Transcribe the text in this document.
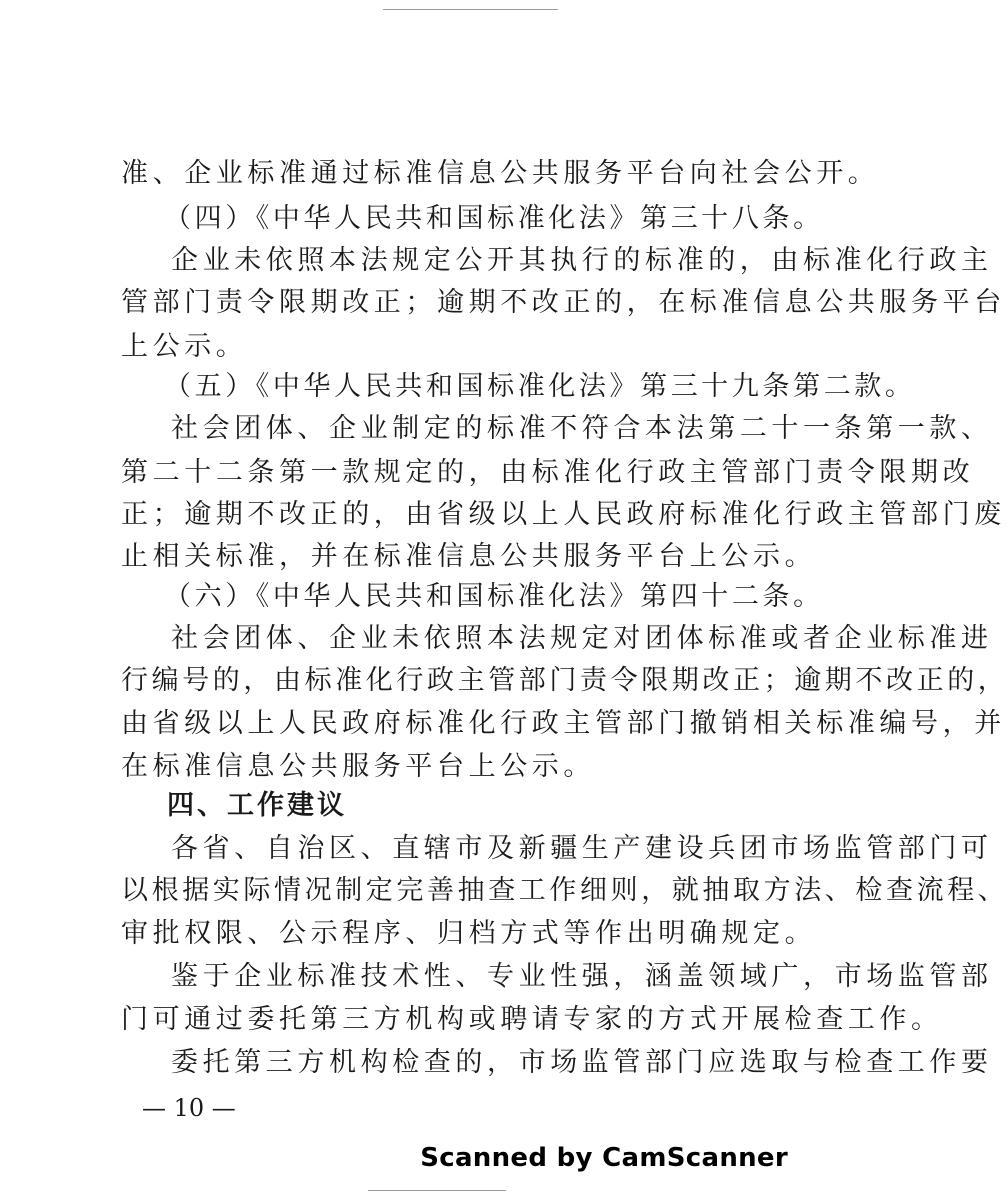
准、企业标准通过标准信息公共服务平台向社会公开。
（四）《中华人民共和国标准化法》第三十八条。
企业未依照本法规定公开其执行的标准的，由标准化行政主
管部门责令限期改正；逾期不改正的，在标准信息公共服务平台
上公示。
（五）《中华人民共和国标准化法》第三十九条第二款。
社会团体、企业制定的标准不符合本法第二十一条第一款、
第二十二条第一款规定的，由标准化行政主管部门责令限期改
正；逾期不改正的，由省级以上人民政府标准化行政主管部门废
止相关标准，并在标准信息公共服务平台上公示。
（六）《中华人民共和国标准化法》第四十二条。
社会团体、企业未依照本法规定对团体标准或者企业标准进
行编号的，由标准化行政主管部门责令限期改正；逾期不改正的，
由省级以上人民政府标准化行政主管部门撤销相关标准编号，并
在标准信息公共服务平台上公示。
四、工作建议
各省、自治区、直辖市及新疆生产建设兵团市场监管部门可
以根据实际情况制定完善抽查工作细则，就抽取方法、检查流程、
审批权限、公示程序、归档方式等作出明确规定。
鉴于企业标准技术性、专业性强，涵盖领域广，市场监管部
门可通过委托第三方机构或聘请专家的方式开展检查工作。
委托第三方机构检查的，市场监管部门应选取与检查工作要
— 10 —
Scanned by CamScanner
